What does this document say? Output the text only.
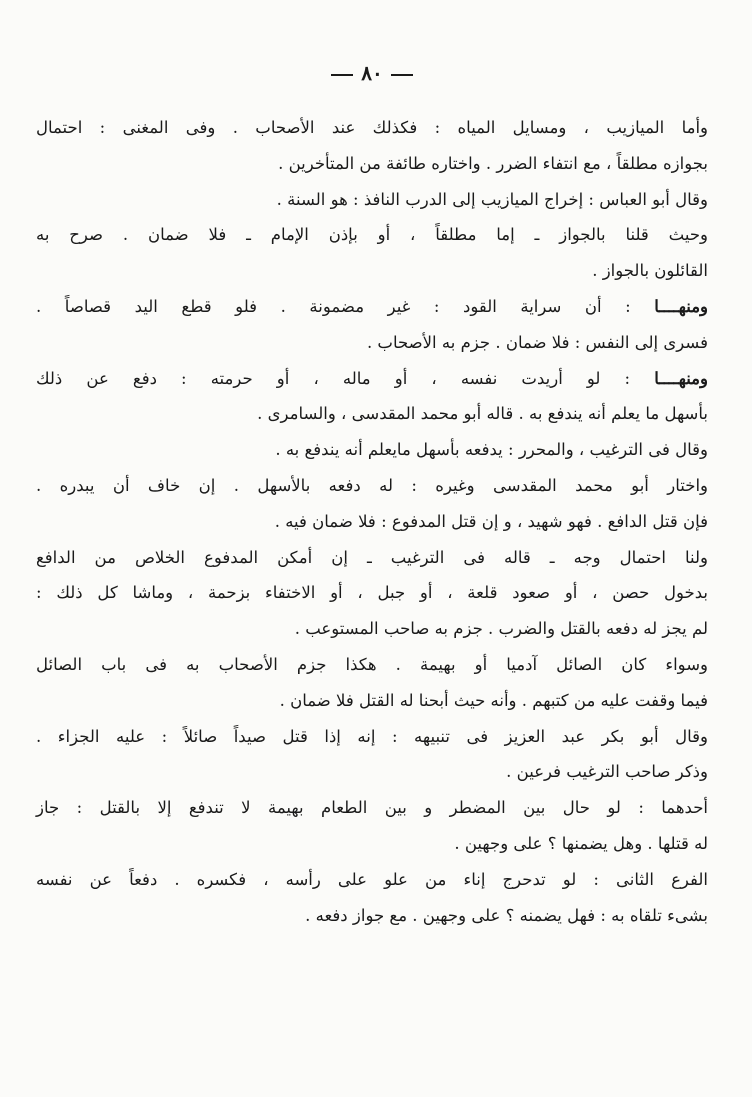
٨٠
وأما الميازيب ، ومسايل المياه : فكذلك عند الأصحاب . وفى المغنى : احتمال
بجوازه مطلقاً ، مع انتفاء الضرر . واختاره طائفة من المتأخرين .
وقال أبو العباس : إخراج الميازيب إلى الدرب النافذ : هو السنة .
وحيث قلنا بالجواز ـ إما مطلقاً ، أو بإذن الإمام ـ فلا ضمان . صرح به
القائلون بالجواز .
ومنهــــا : أن سراية القود : غير مضمونة . فلو قطع اليد قصاصاً .
فسرى إلى النفس : فلا ضمان . جزم به الأصحاب .
ومنهــــا : لو أريدت نفسه ، أو ماله ، أو حرمته : دفع عن ذلك
بأسهل ما يعلم أنه يندفع به . قاله أبو محمد المقدسى ، والسامرى .
وقال فى الترغيب ، والمحرر : يدفعه بأسهل مايعلم أنه يندفع به .
واختار أبو محمد المقدسى وغيره : له دفعه بالأسهل . إن خاف أن يبدره .
فإن قتل الدافع . فهو شهيد ، و إن قتل المدفوع : فلا ضمان فيه .
ولنا احتمال وجه ـ قاله فى الترغيب ـ إن أمكن المدفوع الخلاص من الدافع
بدخول حصن ، أو صعود قلعة ، أو جبل ، أو الاختفاء بزحمة ، وماشا كل ذلك :
لم يجز له دفعه بالقتل والضرب . جزم به صاحب المستوعب .
وسواء كان الصائل آدميا أو بهيمة . هكذا جزم الأصحاب به فى باب الصائل
فيما وقفت عليه من كتبهم . وأنه حيث أبحنا له القتل فلا ضمان .
وقال أبو بكر عبد العزيز فى تنبيهه : إنه إذا قتل صيداً صائلاً : عليه الجزاء .
وذكر صاحب الترغيب فرعين .
أحدهما : لو حال بين المضطر و بين الطعام بهيمة لا تندفع إلا بالقتل : جاز
له قتلها . وهل يضمنها ؟ على وجهين .
الفرع الثانى : لو تدحرج إناء من علو على رأسه ، فكسره . دفعاً عن نفسه
بشىء تلقاه به : فهل يضمنه ؟ على وجهين . مع جواز دفعه .
